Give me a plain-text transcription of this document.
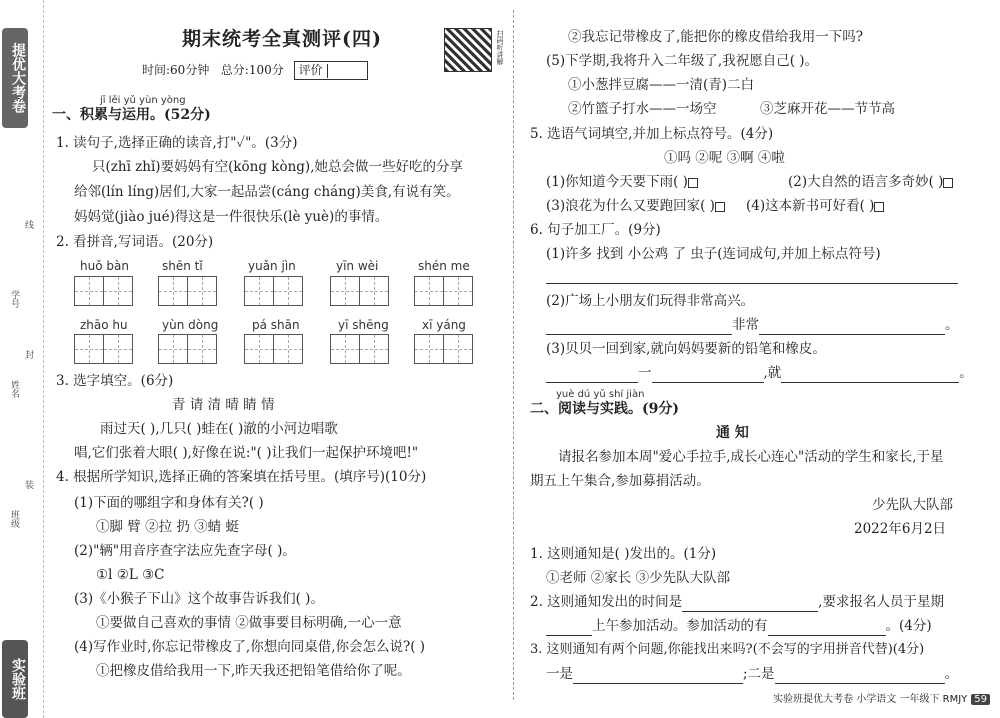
提优大考卷
学号
线
封
姓名
装
班级
实验班
期末统考全真测评(四)	扫码听讲解
时间:60分钟 总分:100分 评价
jī lěi yǔ yùn yòng
一、积累与运用。(52分)
1. 读句子,选择正确的读音,打"✓"。(3分)
只(zhī zhǐ)要妈妈有空(kōng kòng),她总会做一些好吃的分享
给邻(lín líng)居们,大家一起品尝(cáng cháng)美食,有说有笑。
妈妈觉(jiào jué)得这是一件很快乐(lè yuè)的事情。
2. 看拼音,写词语。(20分)
huǒ bàn	shēn tǐ	yuǎn jìn	yīn wèi	shén me
zhāo hu	yùn dòng	pá shān	yī shēng	xī yáng
3. 选字填空。(6分)
青 请 清 晴 睛 情
雨过天( ),几只( )蛙在( )澈的小河边唱歌
唱,它们张着大眼( ),好像在说:"( )让我们一起保护环境吧!"
4. 根据所学知识,选择正确的答案填在括号里。(填序号)(10分)
(1)下面的哪组字和身体有关?( )
①脚 臂 ②拉 扔 ③蜻 蜓
(2)"辆"用音序查字法应先查字母( )。
①l ②L ③C
(3)《小猴子下山》这个故事告诉我们( )。
①要做自己喜欢的事情 ②做事要目标明确,一心一意
(4)写作业时,你忘记带橡皮了,你想向同桌借,你会怎么说?( )
①把橡皮借给我用一下,昨天我还把铅笔借给你了呢。
②我忘记带橡皮了,能把你的橡皮借给我用一下吗?
(5)下学期,我将升入二年级了,我祝愿自己( )。
①小葱拌豆腐——一清(青)二白
②竹篮子打水——一场空	③芝麻开花——节节高
5. 选语气词填空,并加上标点符号。(4分)
①吗 ②呢 ③啊 ④啦
(1)你知道今天要下雨( )	(2)大自然的语言多奇妙( )
(3)浪花为什么又要跑回家( )	(4)这本新书可好看( )
6. 句子加工厂。(9分)
(1)许多 找到 小公鸡 了 虫子(连词成句,并加上标点符号)
(2)广场上小朋友们玩得非常高兴。
非常	。
(3)贝贝一回到家,就向妈妈要新的铅笔和橡皮。
一	,就	。
yuè dú yǔ shí jiàn
二、阅读与实践。(9分)
通 知
请报名参加本周"爱心手拉手,成长心连心"活动的学生和家长,于星
期五上午集合,参加募捐活动。
少先队大队部
2022年6月2日
1. 这则通知是( )发出的。(1分)
①老师 ②家长 ③少先队大队部
2. 这则通知发出的时间是	,要求报名人员于星期
上午参加活动。参加活动的有	。(4分)
3. 这则通知有两个问题,你能找出来吗?(不会写的字用拼音代替)(4分)
一是	;二是	。
实验班提优大考卷 小学语文 一年级下 RMJY 59
